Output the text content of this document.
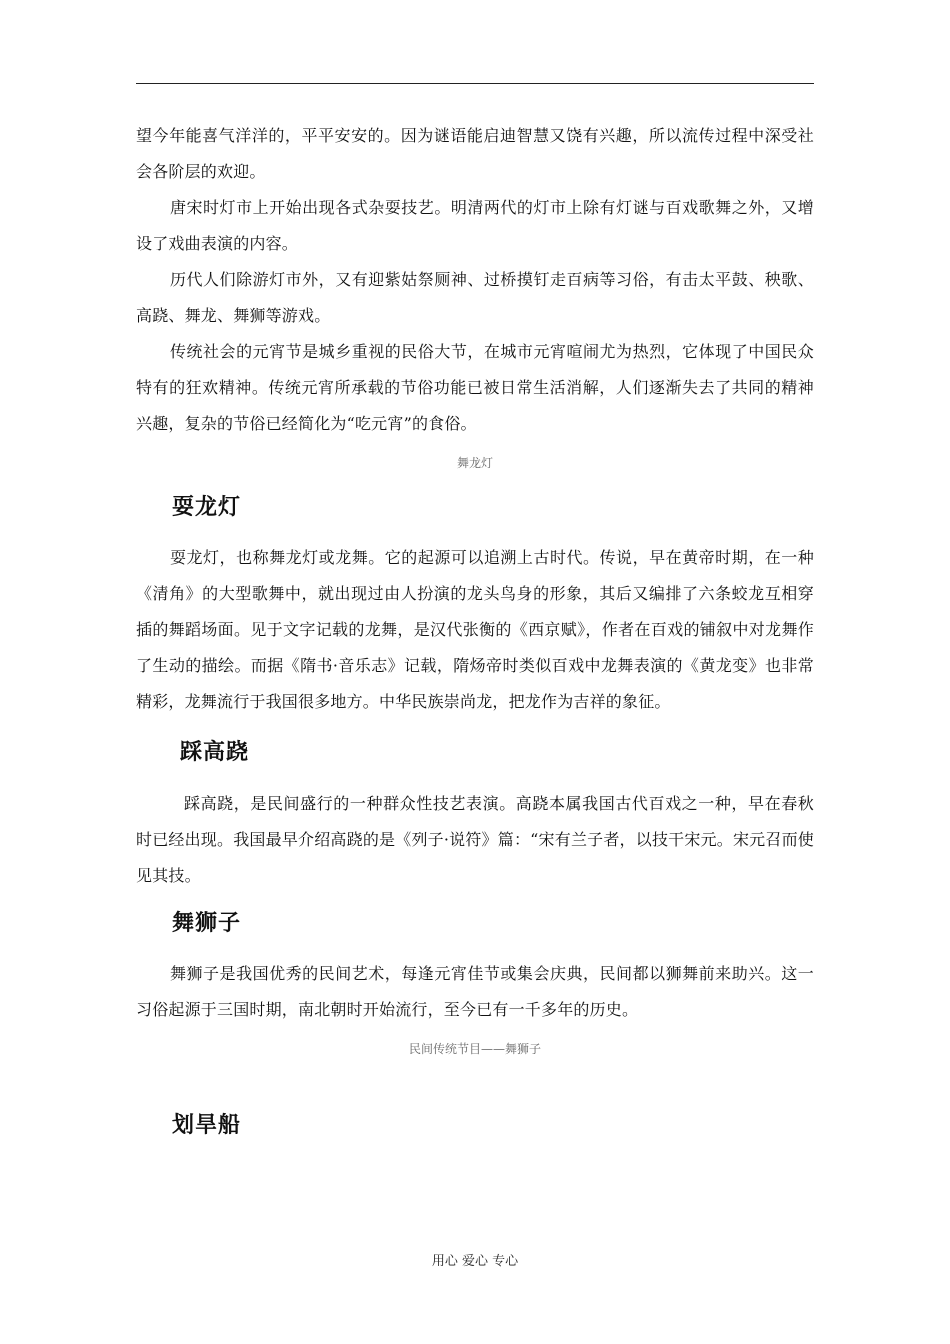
望今年能喜气洋洋的，平平安安的。因为谜语能启迪智慧又饶有兴趣，所以流传过程中深受社会各阶层的欢迎。

唐宋时灯市上开始出现各式杂耍技艺。明清两代的灯市上除有灯谜与百戏歌舞之外，又增设了戏曲表演的内容。

历代人们除游灯市外，又有迎紫姑祭厕神、过桥摸钉走百病等习俗，有击太平鼓、秧歌、高跷、舞龙、舞狮等游戏。

传统社会的元宵节是城乡重视的民俗大节，在城市元宵喧闹尤为热烈，它体现了中国民众特有的狂欢精神。传统元宵所承载的节俗功能已被日常生活消解，人们逐渐失去了共同的精神兴趣，复杂的节俗已经简化为“吃元宵”的食俗。

舞龙灯

耍龙灯

耍龙灯，也称舞龙灯或龙舞。它的起源可以追溯上古时代。传说，早在黄帝时期，在一种《清角》的大型歌舞中，就出现过由人扮演的龙头鸟身的形象，其后又编排了六条蛟龙互相穿插的舞蹈场面。见于文字记载的龙舞，是汉代张衡的《西京赋》，作者在百戏的铺叙中对龙舞作了生动的描绘。而据《隋书·音乐志》记载，隋炀帝时类似百戏中龙舞表演的《黄龙变》也非常精彩，龙舞流行于我国很多地方。中华民族崇尚龙，把龙作为吉祥的象征。

踩高跷

踩高跷，是民间盛行的一种群众性技艺表演。高跷本属我国古代百戏之一种，早在春秋时已经出现。我国最早介绍高跷的是《列子·说符》篇：“宋有兰子者，以技干宋元。宋元召而使见其技。

舞狮子

舞狮子是我国优秀的民间艺术，每逢元宵佳节或集会庆典，民间都以狮舞前来助兴。这一习俗起源于三国时期，南北朝时开始流行，至今已有一千多年的历史。

民间传统节目——舞狮子

划旱船
用心 爱心 专心
